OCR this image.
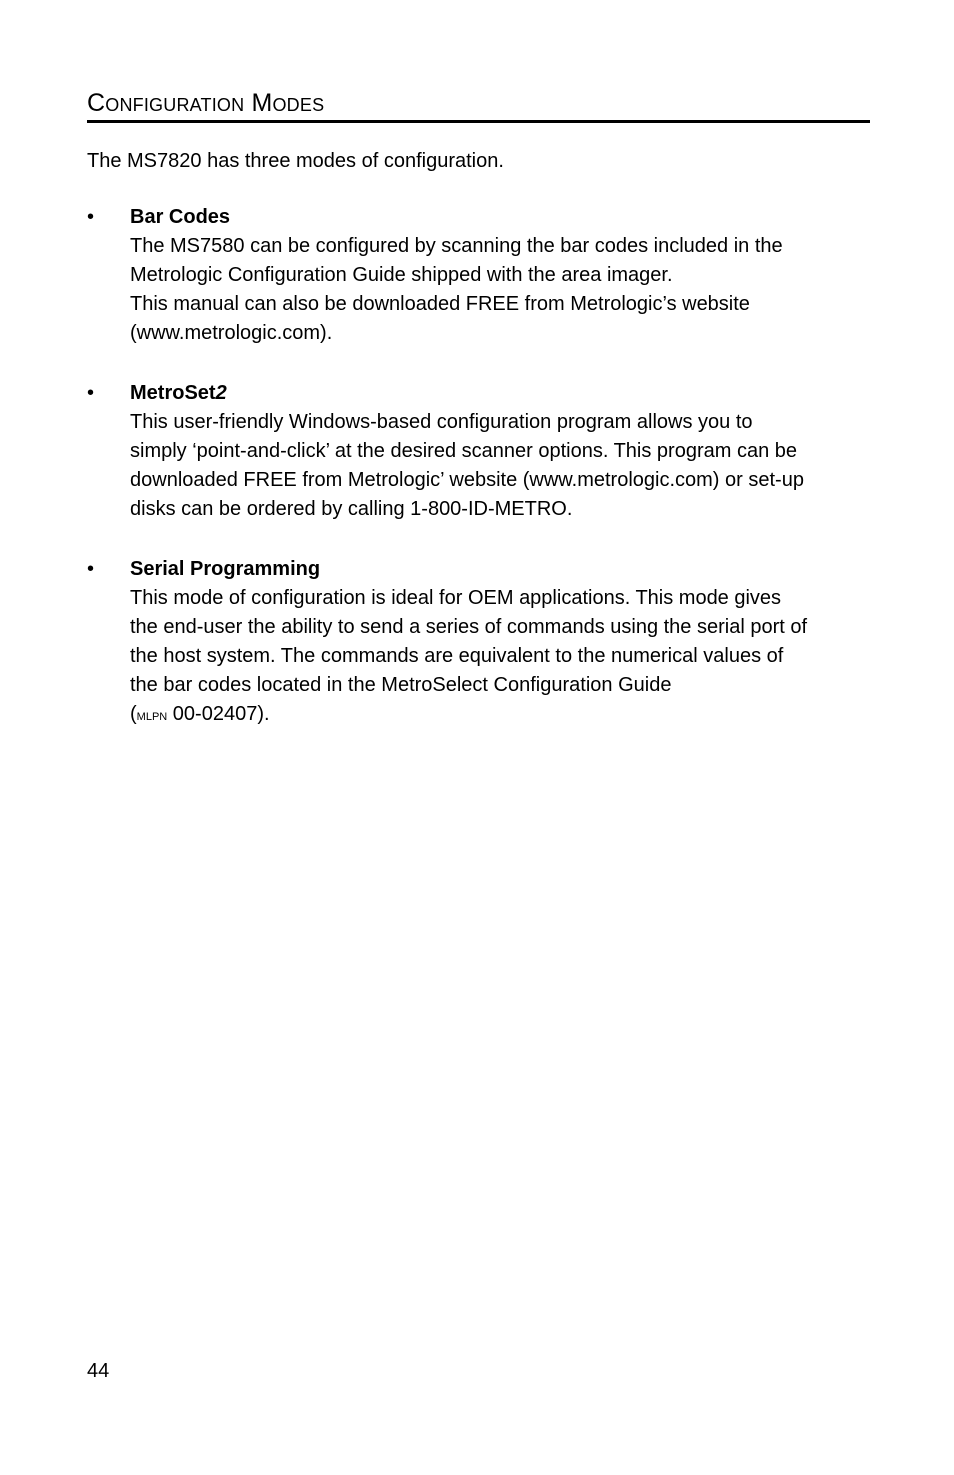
Configuration Modes

The MS7820 has three modes of configuration.

• Bar Codes

The MS7580 can be configured by scanning the bar codes included in the
Metrologic Configuration Guide shipped with the area imager.
This manual can also be downloaded FREE from Metrologic’s website
(www.metrologic.com).

• MetroSet2

This user-friendly Windows-based configuration program allows you to
simply ‘point-and-click’ at the desired scanner options. This program can be
downloaded FREE from Metrologic’ website (www.metrologic.com) or set-up
disks can be ordered by calling 1-800-ID-METRO.

• Serial Programming

This mode of configuration is ideal for OEM applications. This mode gives
the end-user the ability to send a series of commands using the serial port of
the host system. The commands are equivalent to the numerical values of
the bar codes located in the MetroSelect Configuration Guide
(mlpn 00-02407).

44
